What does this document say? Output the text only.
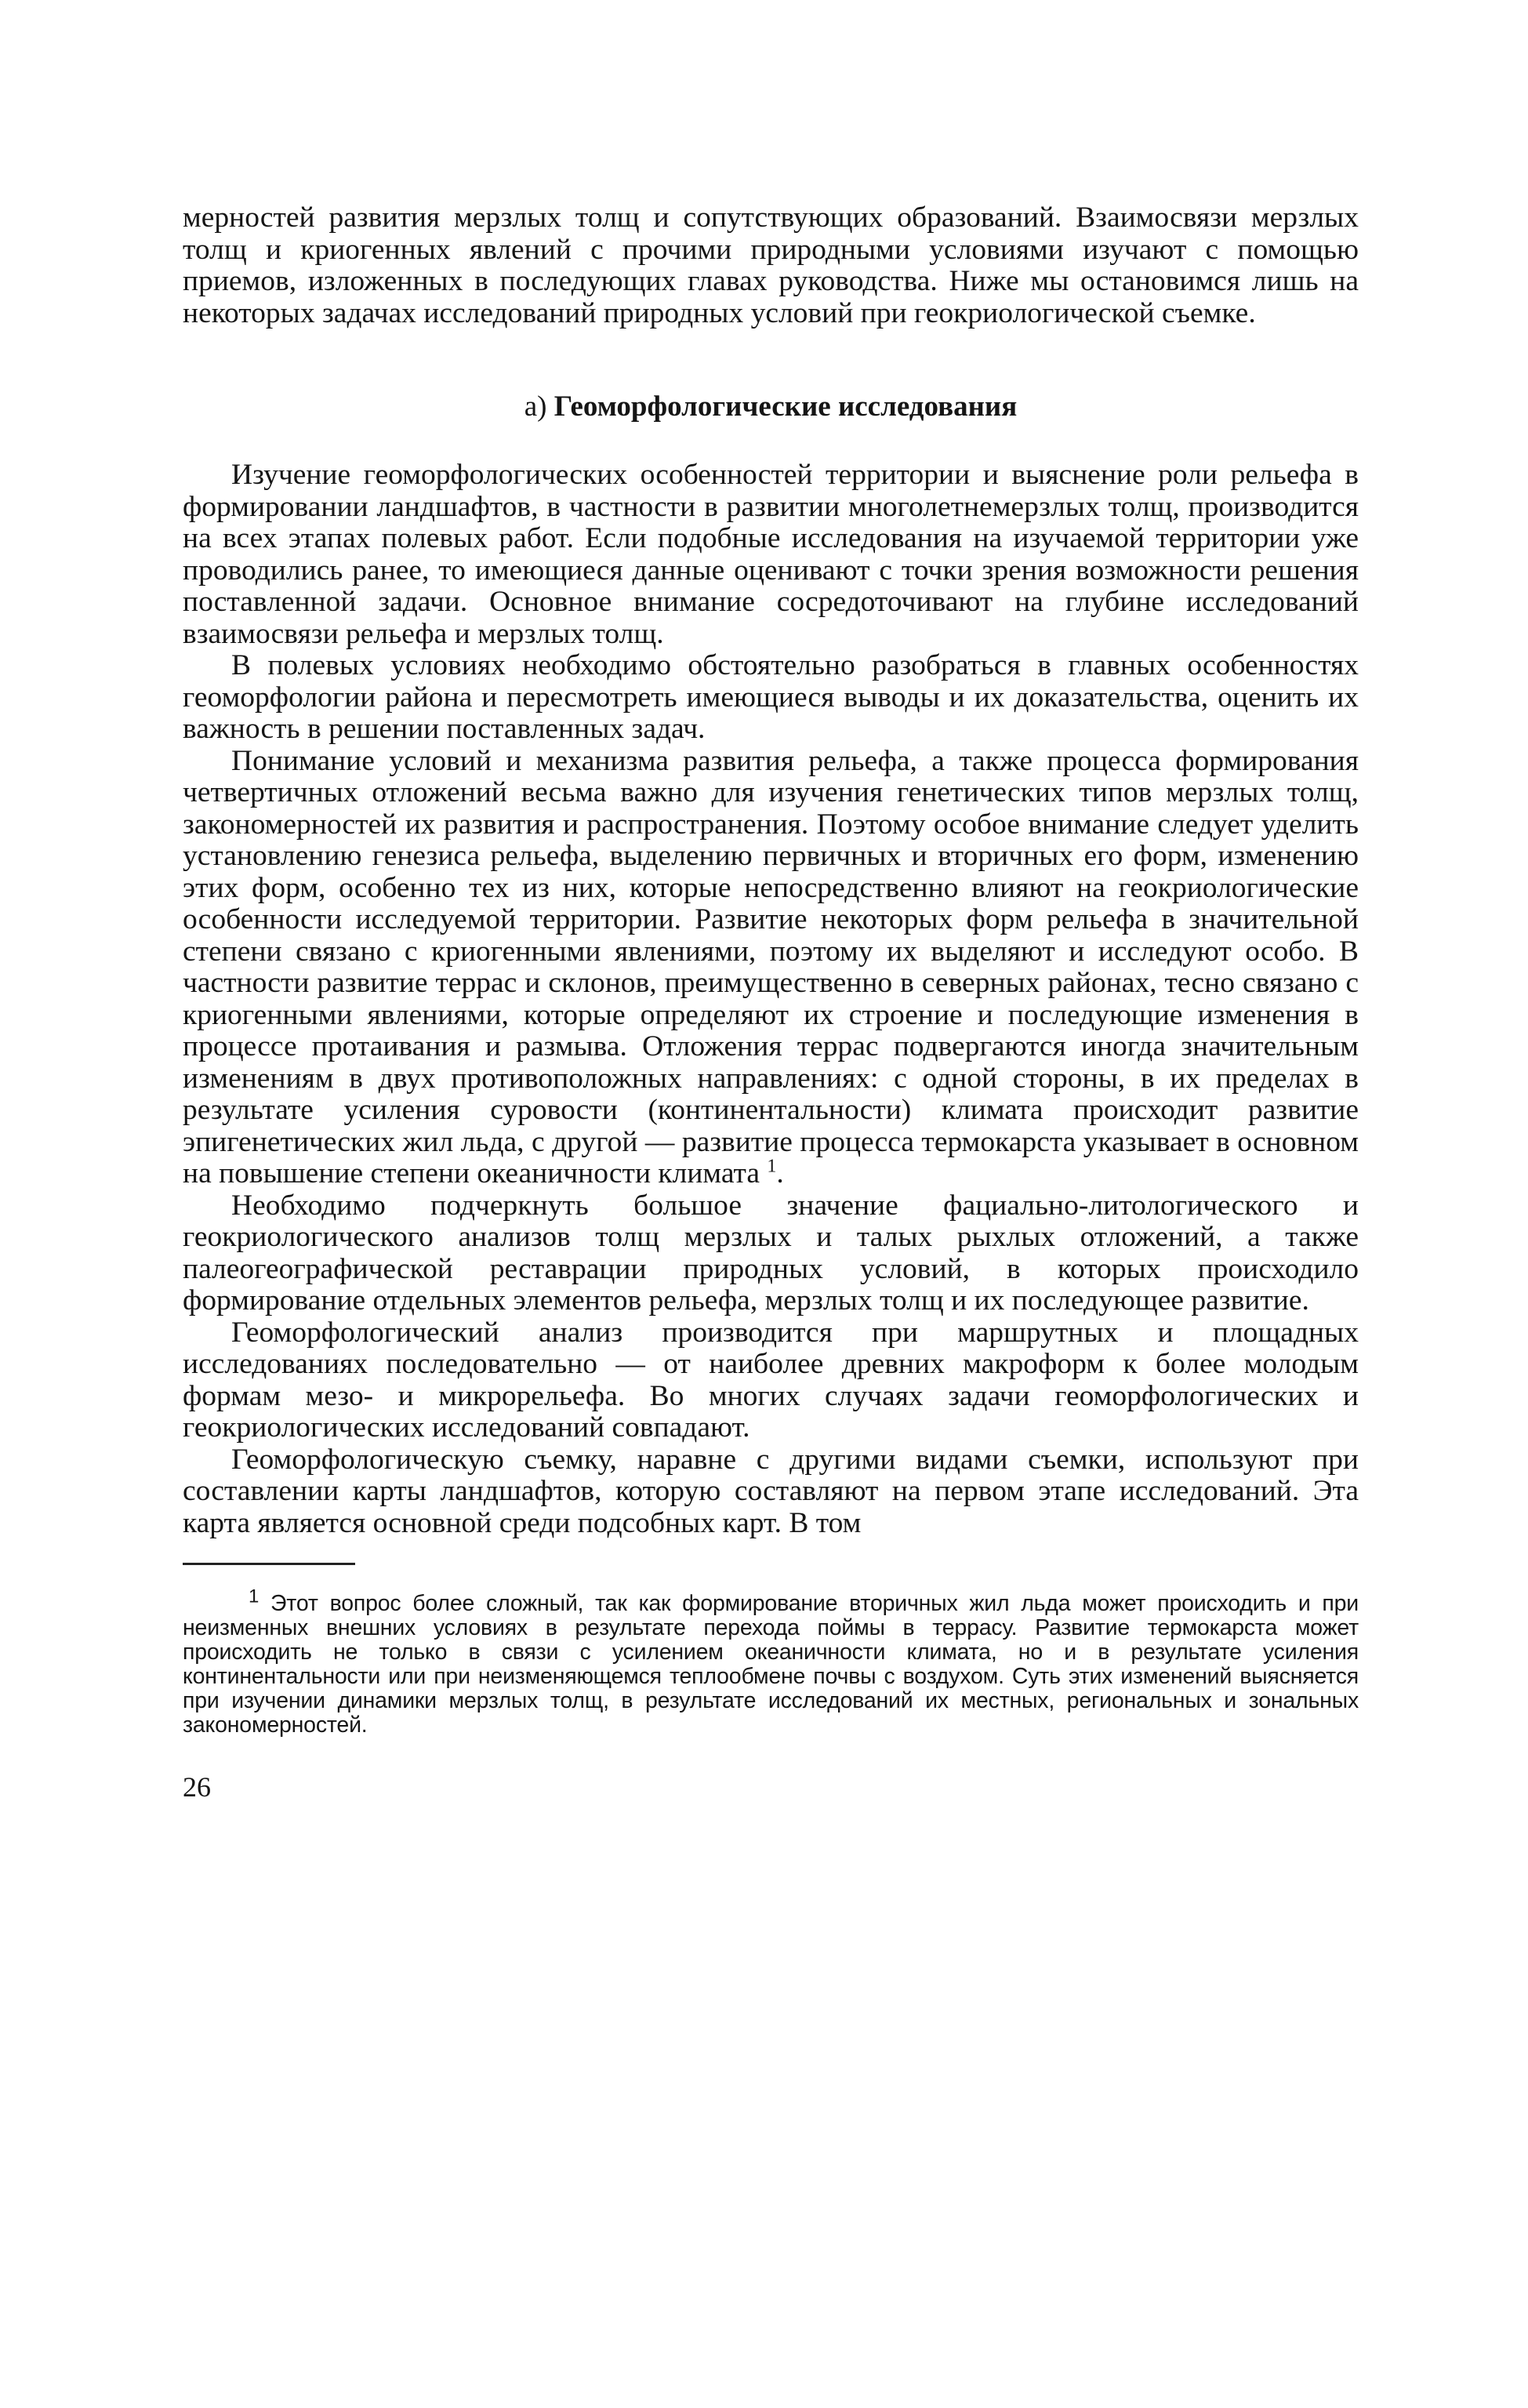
мерностей развития мерзлых толщ и сопутствующих образований. Взаимосвязи мерзлых толщ и криогенных явлений с прочими природными условиями изучают с помощью приемов, изложенных в последующих главах руководства. Ниже мы остановимся лишь на некоторых задачах исследований природных условий при геокриологической съемке.

а) Геоморфологические исследования

Изучение геоморфологических особенностей территории и выяснение роли рельефа в формировании ландшафтов, в частности в развитии многолетнемерзлых толщ, производится на всех этапах полевых работ. Если подобные исследования на изучаемой территории уже проводились ранее, то имеющиеся данные оценивают с точки зрения возможности решения поставленной задачи. Основное внимание сосредоточивают на глубине исследований взаимосвязи рельефа и мерзлых толщ.

В полевых условиях необходимо обстоятельно разобраться в главных особенностях геоморфологии района и пересмотреть имеющиеся выводы и их доказательства, оценить их важность в решении поставленных задач.

Понимание условий и механизма развития рельефа, а также процесса формирования четвертичных отложений весьма важно для изучения генетических типов мерзлых толщ, закономерностей их развития и распространения. Поэтому особое внимание следует уделить установлению генезиса рельефа, выделению первичных и вторичных его форм, изменению этих форм, особенно тех из них, которые непосредственно влияют на геокриологические особенности исследуемой территории. Развитие некоторых форм рельефа в значительной степени связано с криогенными явлениями, поэтому их выделяют и исследуют особо. В частности развитие террас и склонов, преимущественно в северных районах, тесно связано с криогенными явлениями, которые определяют их строение и последующие изменения в процессе протаивания и размыва. Отложения террас подвергаются иногда значительным изменениям в двух противоположных направлениях: с одной стороны, в их пределах в результате усиления суровости (континентальности) климата происходит развитие эпигенетических жил льда, с другой — развитие процесса термокарста указывает в основном на повышение степени океаничности климата $^1$.

Необходимо подчеркнуть большое значение фациально-литологического и геокриологического анализов толщ мерзлых и талых рыхлых отложений, а также палеогеографической реставрации природных условий, в которых происходило формирование отдельных элементов рельефа, мерзлых толщ и их последующее развитие.

Геоморфологический анализ производится при маршрутных и площадных исследованиях последовательно — от наиболее древних макроформ к более молодым формам мезо- и микрорельефа. Во многих случаях задачи геоморфологических и геокриологических исследований совпадают.

Геоморфологическую съемку, наравне с другими видами съемки, используют при составлении карты ландшафтов, которую составляют на первом этапе исследований. Эта карта является основной среди подсобных карт. В том

$^1$ Этот вопрос более сложный, так как формирование вторичных жил льда может происходить и при неизменных внешних условиях в результате перехода поймы в террасу. Развитие термокарста может происходить не только в связи с усилением океаничности климата, но и в результате усиления континентальности или при неизменяющемся теплообмене почвы с воздухом. Суть этих изменений выясняется при изучении динамики мерзлых толщ, в результате исследований их местных, региональных и зональных закономерностей.

26
